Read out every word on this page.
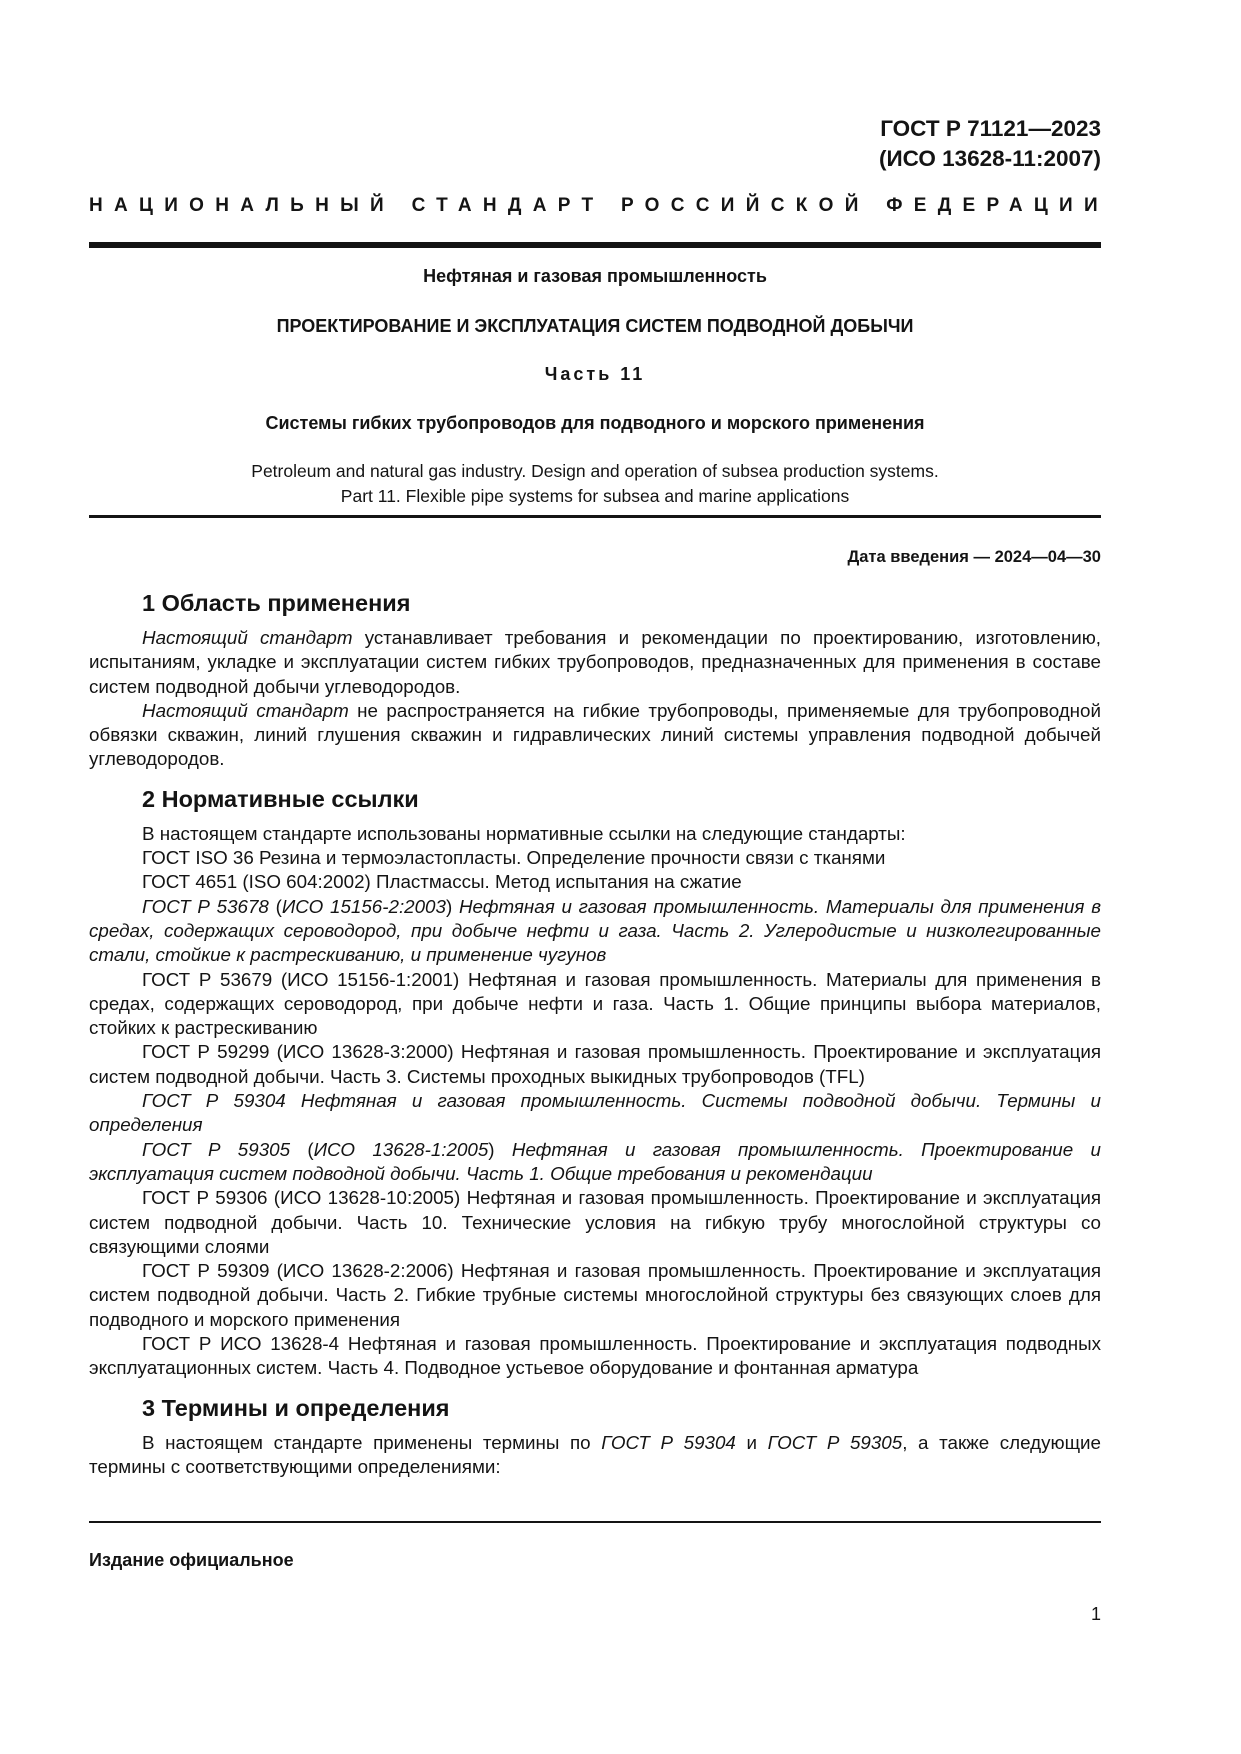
ГОСТ Р 71121—2023
(ИСО 13628-11:2007)
НАЦИОНАЛЬНЫЙ СТАНДАРТ РОССИЙСКОЙ ФЕДЕРАЦИИ
Нефтяная и газовая промышленность
ПРОЕКТИРОВАНИЕ И ЭКСПЛУАТАЦИЯ СИСТЕМ ПОДВОДНОЙ ДОБЫЧИ
Часть 11
Системы гибких трубопроводов для подводного и морского применения
Petroleum and natural gas industry. Design and operation of subsea production systems.
Part 11. Flexible pipe systems for subsea and marine applications
Дата введения — 2024—04—30
1 Область применения

Настоящий стандарт устанавливает требования и рекомендации по проектированию, изготовлению, испытаниям, укладке и эксплуатации систем гибких трубопроводов, предназначенных для применения в составе систем подводной добычи углеводородов.

Настоящий стандарт не распространяется на гибкие трубопроводы, применяемые для трубопроводной обвязки скважин, линий глушения скважин и гидравлических линий системы управления подводной добычей углеводородов.

2 Нормативные ссылки

В настоящем стандарте использованы нормативные ссылки на следующие стандарты:

ГОСТ ISO 36 Резина и термоэластопласты. Определение прочности связи с тканями

ГОСТ 4651 (ISO 604:2002) Пластмассы. Метод испытания на сжатие

ГОСТ Р 53678 (ИСО 15156-2:2003) Нефтяная и газовая промышленность. Материалы для применения в средах, содержащих сероводород, при добыче нефти и газа. Часть 2. Углеродистые и низколегированные стали, стойкие к растрескиванию, и применение чугунов

ГОСТ Р 53679 (ИСО 15156-1:2001) Нефтяная и газовая промышленность. Материалы для применения в средах, содержащих сероводород, при добыче нефти и газа. Часть 1. Общие принципы выбора материалов, стойких к растрескиванию

ГОСТ Р 59299 (ИСО 13628-3:2000) Нефтяная и газовая промышленность. Проектирование и эксплуатация систем подводной добычи. Часть 3. Системы проходных выкидных трубопроводов (TFL)

ГОСТ Р 59304 Нефтяная и газовая промышленность. Системы подводной добычи. Термины и определения

ГОСТ Р 59305 (ИСО 13628-1:2005) Нефтяная и газовая промышленность. Проектирование и эксплуатация систем подводной добычи. Часть 1. Общие требования и рекомендации

ГОСТ Р 59306 (ИСО 13628-10:2005) Нефтяная и газовая промышленность. Проектирование и эксплуатация систем подводной добычи. Часть 10. Технические условия на гибкую трубу многослойной структуры со связующими слоями

ГОСТ Р 59309 (ИСО 13628-2:2006) Нефтяная и газовая промышленность. Проектирование и эксплуатация систем подводной добычи. Часть 2. Гибкие трубные системы многослойной структуры без связующих слоев для подводного и морского применения

ГОСТ Р ИСО 13628-4 Нефтяная и газовая промышленность. Проектирование и эксплуатация подводных эксплуатационных систем. Часть 4. Подводное устьевое оборудование и фонтанная арматура

3 Термины и определения

В настоящем стандарте применены термины по ГОСТ Р 59304 и ГОСТ Р 59305, а также следующие термины с соответствующими определениями:

Издание официальное
1
